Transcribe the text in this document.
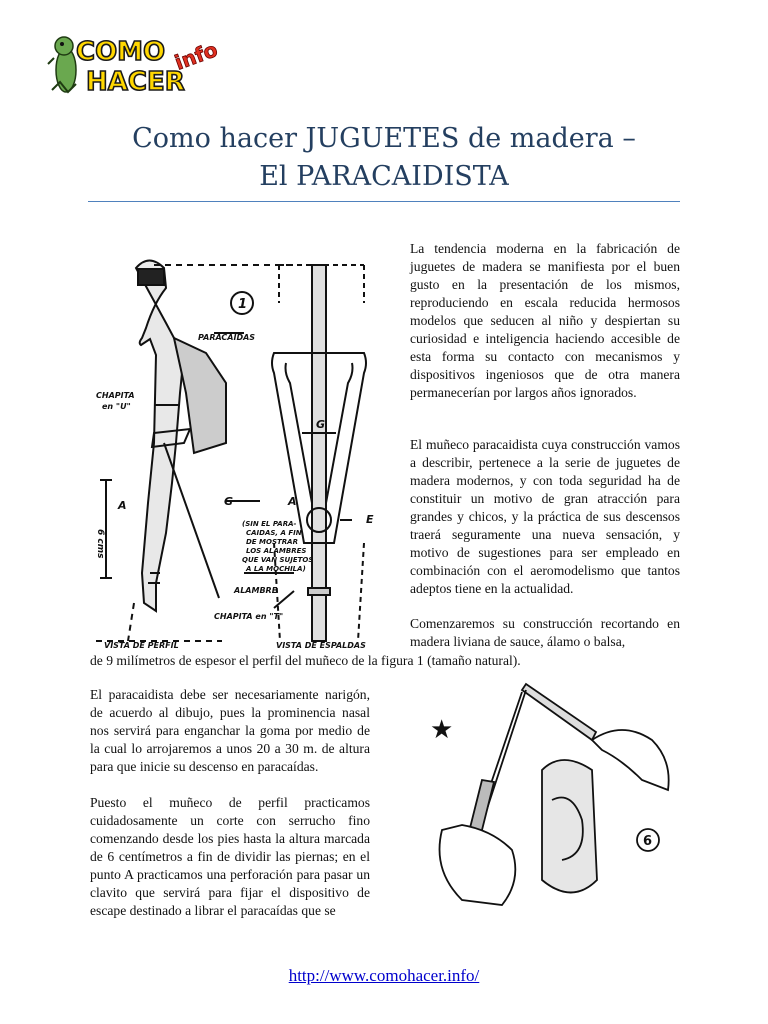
COMO
HACER
info
Como hacer JUGUETES de madera –
El PARACAIDISTA
1
PARACAIDAS
CHAPITA
en "U"
A	G
G
A
E
6 cms
ALAMBRE
CHAPITA en "T"
VISTA DE PERFIL	VISTA DE ESPALDAS
(SIN EL PARA-
CAIDAS, A FIN
DE MOSTRAR
LOS ALAMBRES
QUE VAN SUJETOS
A LA MOCHILA)
★
6

La tendencia moderna en la fabricación de juguetes de madera se manifiesta por el buen gusto en la presentación de los mismos, reproduciendo en escala reducida hermosos modelos que seducen al niño y despiertan su curiosidad e inteligencia haciendo accesible de esta forma su contacto con mecanismos y dispositivos ingeniosos que de otra manera permanecerían por largos años ignorados.

El muñeco paracaidista cuya construcción vamos a describir, pertenece a la serie de juguetes de madera modernos, y con toda seguridad ha de constituir un motivo de gran atracción para grandes y chicos, y la práctica de sus descensos traerá seguramente una nueva sensación, y motivo de sugestiones para ser empleado en combinación con el aeromodelismo que tantos adeptos tiene en la actualidad.

Comenzaremos su construcción recortando en madera liviana de sauce, álamo o balsa,

de 9 milímetros de espesor el perfil del muñeco de la figura 1 (tamaño natural).

El paracaidista debe ser necesariamente narigón, de acuerdo al dibujo, pues la prominencia nasal nos servirá para enganchar la goma por medio de la cual lo arrojaremos a unos 20 a 30 m. de altura para que inicie su descenso en paracaídas.

Puesto el muñeco de perfil practicamos cuidadosamente un corte con serrucho fino comenzando desde los pies hasta la altura marcada de 6 centímetros a fin de dividir las piernas; en el punto A practicamos una perforación para pasar un clavito que servirá para fijar el dispositivo de escape destinado a librar el paracaídas que se

http://www.comohacer.info/
